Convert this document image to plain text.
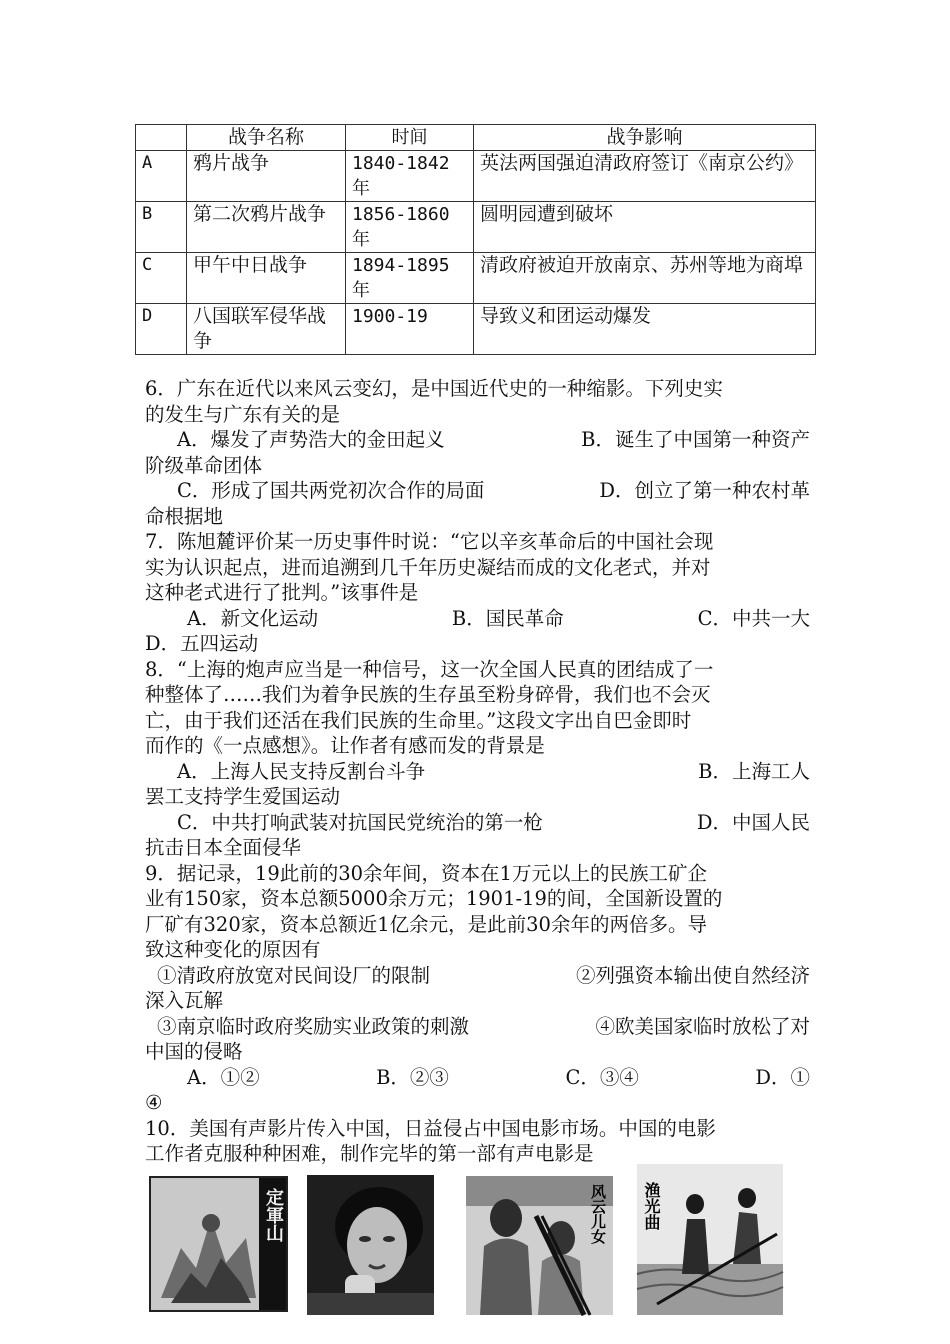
	战争名称	时间	战争影响
A	鸦片战争	1840-1842年	英法两国强迫清政府签订《南京公约》
B	第二次鸦片战争	1856-1860年	圆明园遭到破坏
C	甲午中日战争	1894-1895年	清政府被迫开放南京、苏州等地为商埠
D	八国联军侵华战争	1900-19	导致义和团运动爆发
6．广东在近代以来风云变幻，是中国近代史的一种缩影。下列史实
的发生与广东有关的是
A．爆发了声势浩大的金田起义	B．诞生了中国第一种资产
阶级革命团体
C．形成了国共两党初次合作的局面	D．创立了第一种农村革
命根据地
7．陈旭麓评价某一历史事件时说：“它以辛亥革命后的中国社会现
实为认识起点，进而追溯到几千年历史凝结而成的文化老式，并对
这种老式进行了批判。”该事件是
A．新文化运动	B．国民革命	C．中共一大
D．五四运动
8．“上海的炮声应当是一种信号，这一次全国人民真的团结成了一
种整体了……我们为着争民族的生存虽至粉身碎骨，我们也不会灭
亡，由于我们还活在我们民族的生命里。”这段文字出自巴金即时
而作的《一点感想》。让作者有感而发的背景是
A．上海人民支持反割台斗争	B．上海工人
罢工支持学生爱国运动
C．中共打响武装对抗国民党统治的第一枪	D．中国人民
抗击日本全面侵华
9．据记录，19此前的30余年间，资本在1万元以上的民族工矿企
业有150家，资本总额5000余万元；1901-19的间，全国新设置的
厂矿有320家，资本总额近1亿余元，是此前30余年的两倍多。导
致这种变化的原因有
①清政府放宽对民间设厂的限制	②列强资本输出使自然经济
深入瓦解
③南京临时政府奖励实业政策的刺激	④欧美国家临时放松了对
中国的侵略
A．①②	B．②③	C．③④	D．①
④
10．美国有声影片传入中国，日益侵占中国电影市场。中国的电影
工作者克服种种困难，制作完毕的第一部有声电影是
定軍山	风云儿女 渔光曲
